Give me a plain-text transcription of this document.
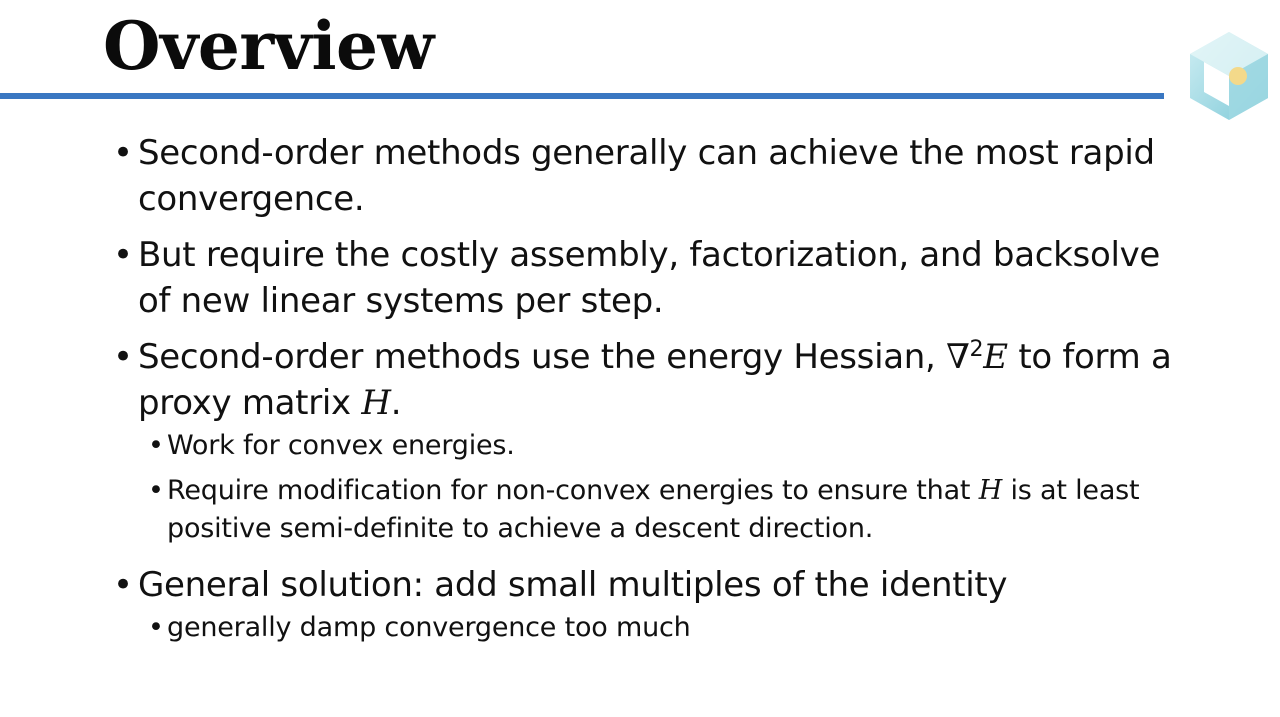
Overview
• Second-order methods generally can achieve the most rapid convergence.
• But require the costly assembly, factorization, and backsolve of new linear systems per step.
• Second-order methods use the energy Hessian, ∇$^2$E to form a proxy matrix H.
• Work for convex energies.
• Require modification for non-convex energies to ensure that H is at least positive semi-definite to achieve a descent direction.
• General solution: add small multiples of the identity
• generally damp convergence too much
